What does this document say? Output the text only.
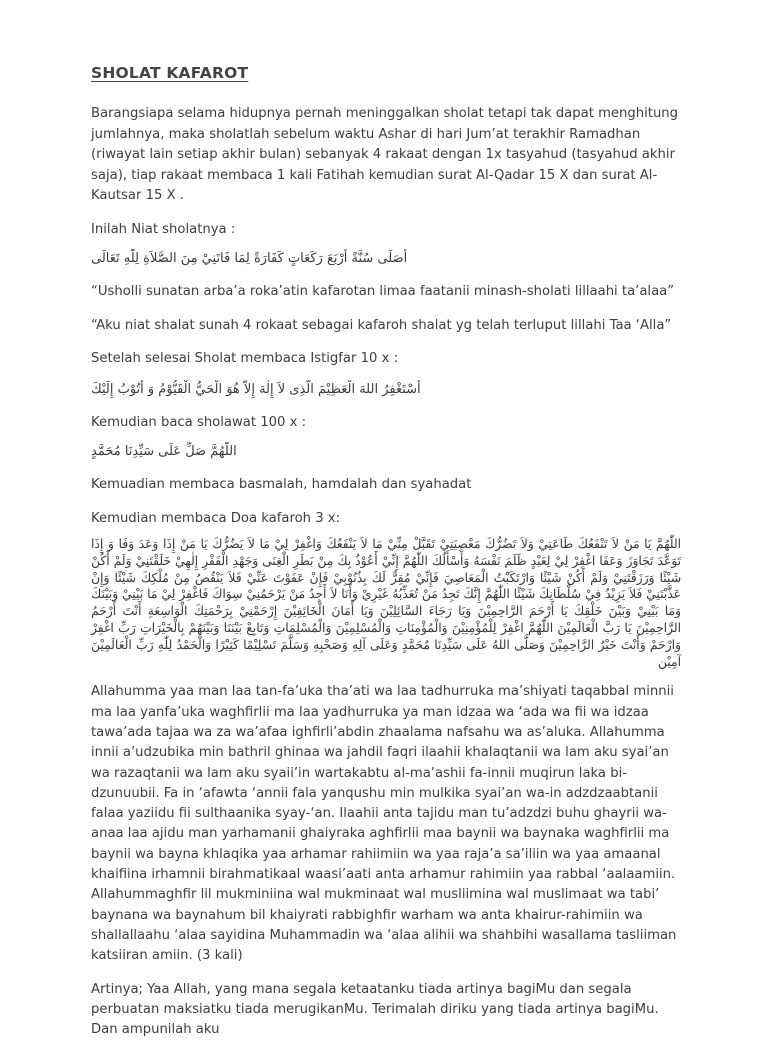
SHOLAT KAFAROT

Barangsiapa selama hidupnya pernah meninggalkan sholat tetapi tak dapat menghitung jumlahnya, maka sholatlah sebelum waktu Ashar di hari Jum’at terakhir Ramadhan (riwayat lain setiap akhir bulan) sebanyak 4 rakaat dengan 1x tasyahud (tasyahud akhir saja), tiap rakaat membaca 1 kali Fatihah kemudian surat Al-Qadar 15 X dan surat Al-Kautsar 15 X .

Inilah Niat sholatnya :

أُصَلِّى سُنَّةً أَرْبَعَ رَكَعَاتٍ كَفَارَةً لِمَا فَاتَنِيْ مِنَ الصَّلاَةِ لِلّٰهِ تَعَالَى

“Usholli sunatan arba’a roka’atin kafarotan limaa faatanii minash-sholati lillaahi ta’alaa”

“Aku niat shalat sunah 4 rokaat sebagai kafaroh shalat yg telah terluput lillahi Taa ‘Alla”

Setelah selesai Sholat membaca Istigfar 10 x :

أَسْتَغْفِرُ اللهَ الْعَظِيْمَ الَّذِى لاَ إِلٰهَ إِلاَّ هُوَ الْحَيُّ الْقَيُّوْمُ وَ أَتُوْبُ إِلَيْكَ

Kemudian baca sholawat 100 x :

اللّٰهُمَّ صَلِّ عَلَى سَيِّدِنَا مُحَمَّدٍ

Kemuadian membaca basmalah, hamdalah dan syahadat

Kemudian membaca Doa kafaroh 3 x:

اللّٰهُمَّ يَا مَنْ لاَ تَنْفَعُكَ طَاعَتِيْ وَلاَ تَضُرُّكَ مَعْصِيَتِيْ تَقَبَّلْ مِنِّيْ مَا لاَ يَنْفَعُكَ وَاغْفِرْ لِيْ مَا لاَ يَضُرُّكَ يَا مَنْ إِذَا وَعَدَ وَفَا وَ إِذَا تَوَعَّدَ تَجَاوَزَ وَعَفَا اغْفِرْ لِيْ لِعَبْدٍ ظَلَمَ نَفْسَهُ وَأَسْأَلُكَ اللّٰهُمَّ إِنِّيْ أَعُوْذُ بِكَ مِنْ بَطَرِ الْغِنَى وَجَهْدِ الْفَقْرِ إِلٰهِيْ خَلَقْتَنِيْ وَلَمْ أَكُنْ شَيْئًا وَرَزَقْتَنِيْ وَلَمْ أَكُنْ شَيْئًا وَارْتَكَبْتُ الْمَعَاصِيَ فَإِنِّيْ مُقِرٌّ لَكَ بِذُنُوْبِيْ فَإِنْ عَفَوْتَ عَنِّيْ فَلاَ يَنْقُصُ مِنْ مُلْكِكَ شَيْئًا وَإِنْ عَذَّبْتَنِيْ فَلاَ يَزِيْدُ فِيْ سُلْطَانِكَ شَيْئًا اللّٰهُمَّ إِنَّكَ تَجِدُ مَنْ تُعَذِّبُهُ غَيْرِيْ وَأَنَا لاَ أَجِدُ مَنْ يَرْحَمُنِيْ سِوَاكَ فَاغْفِرْ لِيْ مَا بَيْنِيْ وَبَيْنَكَ وَمَا بَيْنِيْ وَبَيْنَ خَلْقِكَ يَا أَرْحَمَ الرَّاحِمِيْنَ وَيَا رَجَاءَ السَّائِلِيْنَ وَيَا أَمَانَ الْخَائِفِيْنَ إِرْحَمْنِيْ بِرَحْمَتِكَ الْوَاسِعَةِ أَنْتَ أَرْحَمُ الرَّاحِمِيْنَ يَا رَبَّ الْعَالَمِيْنَ اللّٰهُمَّ اغْفِرْ لِلْمُؤْمِنِيْنَ وَالْمُؤْمِنَاتِ وَالْمُسْلِمِيْنَ وَالْمُسْلِمَاتِ وَتَابِعْ بَيْنَنَا وَبَيْنَهُمْ بِالْخَيْرَاتِ رَبِّ اغْفِرْ وَارْحَمْ وَأَنْتَ خَيْرُ الرَّاحِمِيْنَ وَصَلَّى اللهُ عَلَى سَيِّدِنَا مُحَمَّدٍ وَعَلَى آلِهِ وَصَحْبِهِ وَسَلَّمَ تَسْلِيْمًا كَثِيْرًا وَالْحَمْدُ لِلّٰهِ رَبِّ الْعَالَمِيْنَ آمِيْن

Allahumma yaa man laa tan-fa’uka tha’ati wa laa tadhurruka ma’shiyati taqabbal minnii ma laa yanfa’uka waghfirlii ma laa yadhurruka ya man idzaa wa ‘ada wa fii wa idzaa tawa’ada tajaa wa za wa’afaa ighfirli’abdin zhaalama nafsahu wa as’aluka. Allahumma innii a’udzubika min bathril ghinaa wa jahdil faqri ilaahii khalaqtanii wa lam aku syai’an wa razaqtanii wa lam aku syaii’in wartakabtu al-ma’ashii fa-innii muqirun laka bi-dzunuubii. Fa in ‘afawta ‘annii fala yanqushu min mulkika syai’an wa-in adzdzaabtanii falaa yaziidu fii sulthaanika syay-‘an. Ilaahii anta tajidu man tu’adzdzi buhu ghayrii wa-anaa laa ajidu man yarhamanii ghaiyraka aghfirlii maa baynii wa baynaka waghfirlii ma baynii wa bayna khlaqika yaa arhamar rahiimiin wa yaa raja’a sa’iliin wa yaa amaanal khaifiina irhamnii birahmatikaal waasi’aati anta arhamur rahimiin yaa rabbal ‘aalaamiin. Allahummaghfir lil mukminiina wal mukminaat wal musliimina wal muslimaat wa tabi’ baynana wa baynahum bil khaiyrati rabbighfir warham wa anta khairur-rahimiin wa shallallaahu ‘alaa sayidina Muhammadin wa ‘alaa alihii wa shahbihi wasallama tasliiman katsiiran amiin. (3 kali)

Artinya; Yaa Allah, yang mana segala ketaatanku tiada artinya bagiMu dan segala perbuatan maksiatku tiada merugikanMu. Terimalah diriku yang tiada artinya bagiMu. Dan ampunilah aku
